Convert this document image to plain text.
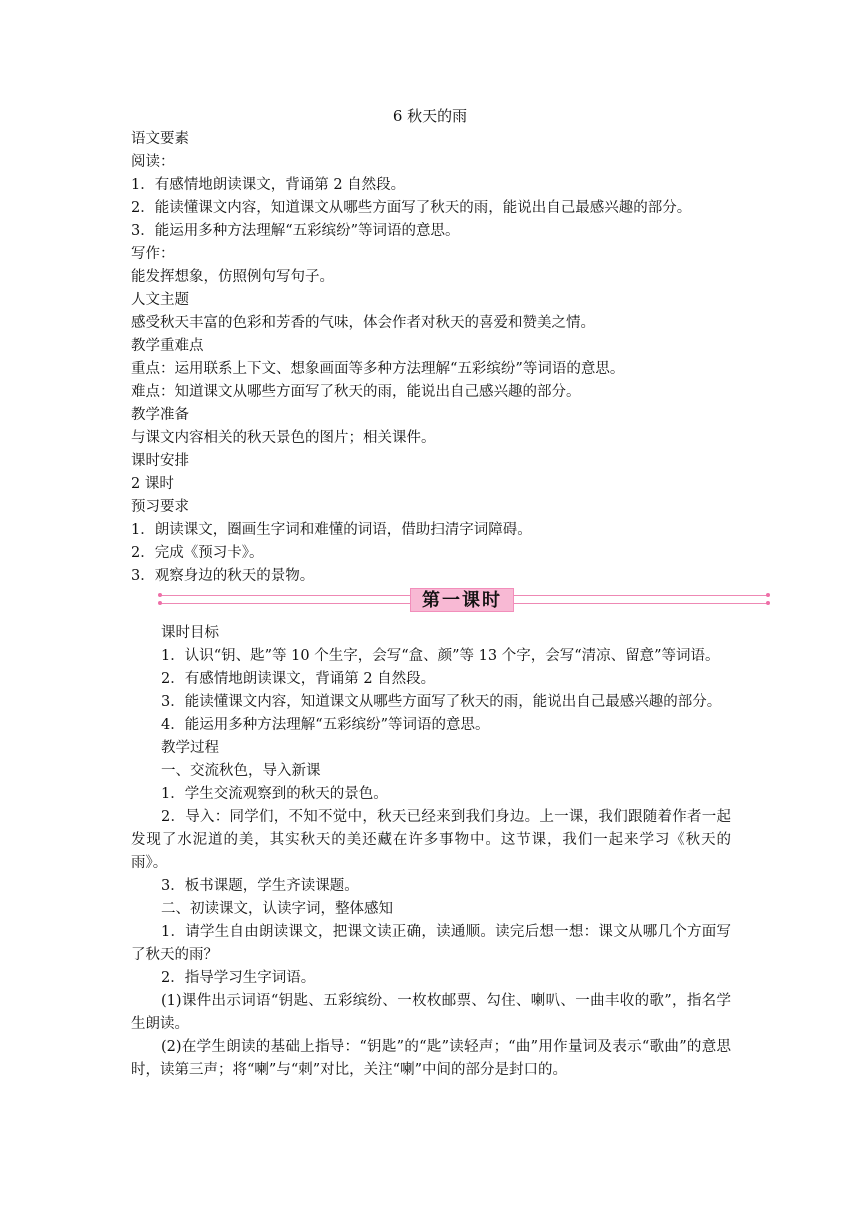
6 秋天的雨

语文要素

阅读：

1．有感情地朗读课文，背诵第 2 自然段。

2．能读懂课文内容，知道课文从哪些方面写了秋天的雨，能说出自己最感兴趣的部分。

3．能运用多种方法理解“五彩缤纷”等词语的意思。

写作：

能发挥想象，仿照例句写句子。

人文主题

感受秋天丰富的色彩和芳香的气味，体会作者对秋天的喜爱和赞美之情。

教学重难点

重点：运用联系上下文、想象画面等多种方法理解“五彩缤纷”等词语的意思。

难点：知道课文从哪些方面写了秋天的雨，能说出自己感兴趣的部分。

教学准备

与课文内容相关的秋天景色的图片；相关课件。

课时安排

2 课时

预习要求

1．朗读课文，圈画生字词和难懂的词语，借助扫清字词障碍。

2．完成《预习卡》。

3．观察身边的秋天的景物。

第一课时

课时目标

1．认识“钥、匙”等 10 个生字，会写“盒、颜”等 13 个字，会写“清凉、留意”等词语。

2．有感情地朗读课文，背诵第 2 自然段。

3．能读懂课文内容，知道课文从哪些方面写了秋天的雨，能说出自己最感兴趣的部分。

4．能运用多种方法理解“五彩缤纷”等词语的意思。

教学过程

一、交流秋色，导入新课

1．学生交流观察到的秋天的景色。

2．导入：同学们，不知不觉中，秋天已经来到我们身边。上一课，我们跟随着作者一起发现了水泥道的美，其实秋天的美还藏在许多事物中。这节课，我们一起来学习《秋天的雨》。

3．板书课题，学生齐读课题。

二、初读课文，认读字词，整体感知

1．请学生自由朗读课文，把课文读正确，读通顺。读完后想一想：课文从哪几个方面写了秋天的雨？

2．指导学习生字词语。

(1)课件出示词语“钥匙、五彩缤纷、一枚枚邮票、勾住、喇叭、一曲丰收的歌”，指名学生朗读。

(2)在学生朗读的基础上指导：“钥匙”的“匙”读轻声；“曲”用作量词及表示“歌曲”的意思时，读第三声；将“喇”与“刺”对比，关注“喇”中间的部分是封口的。
